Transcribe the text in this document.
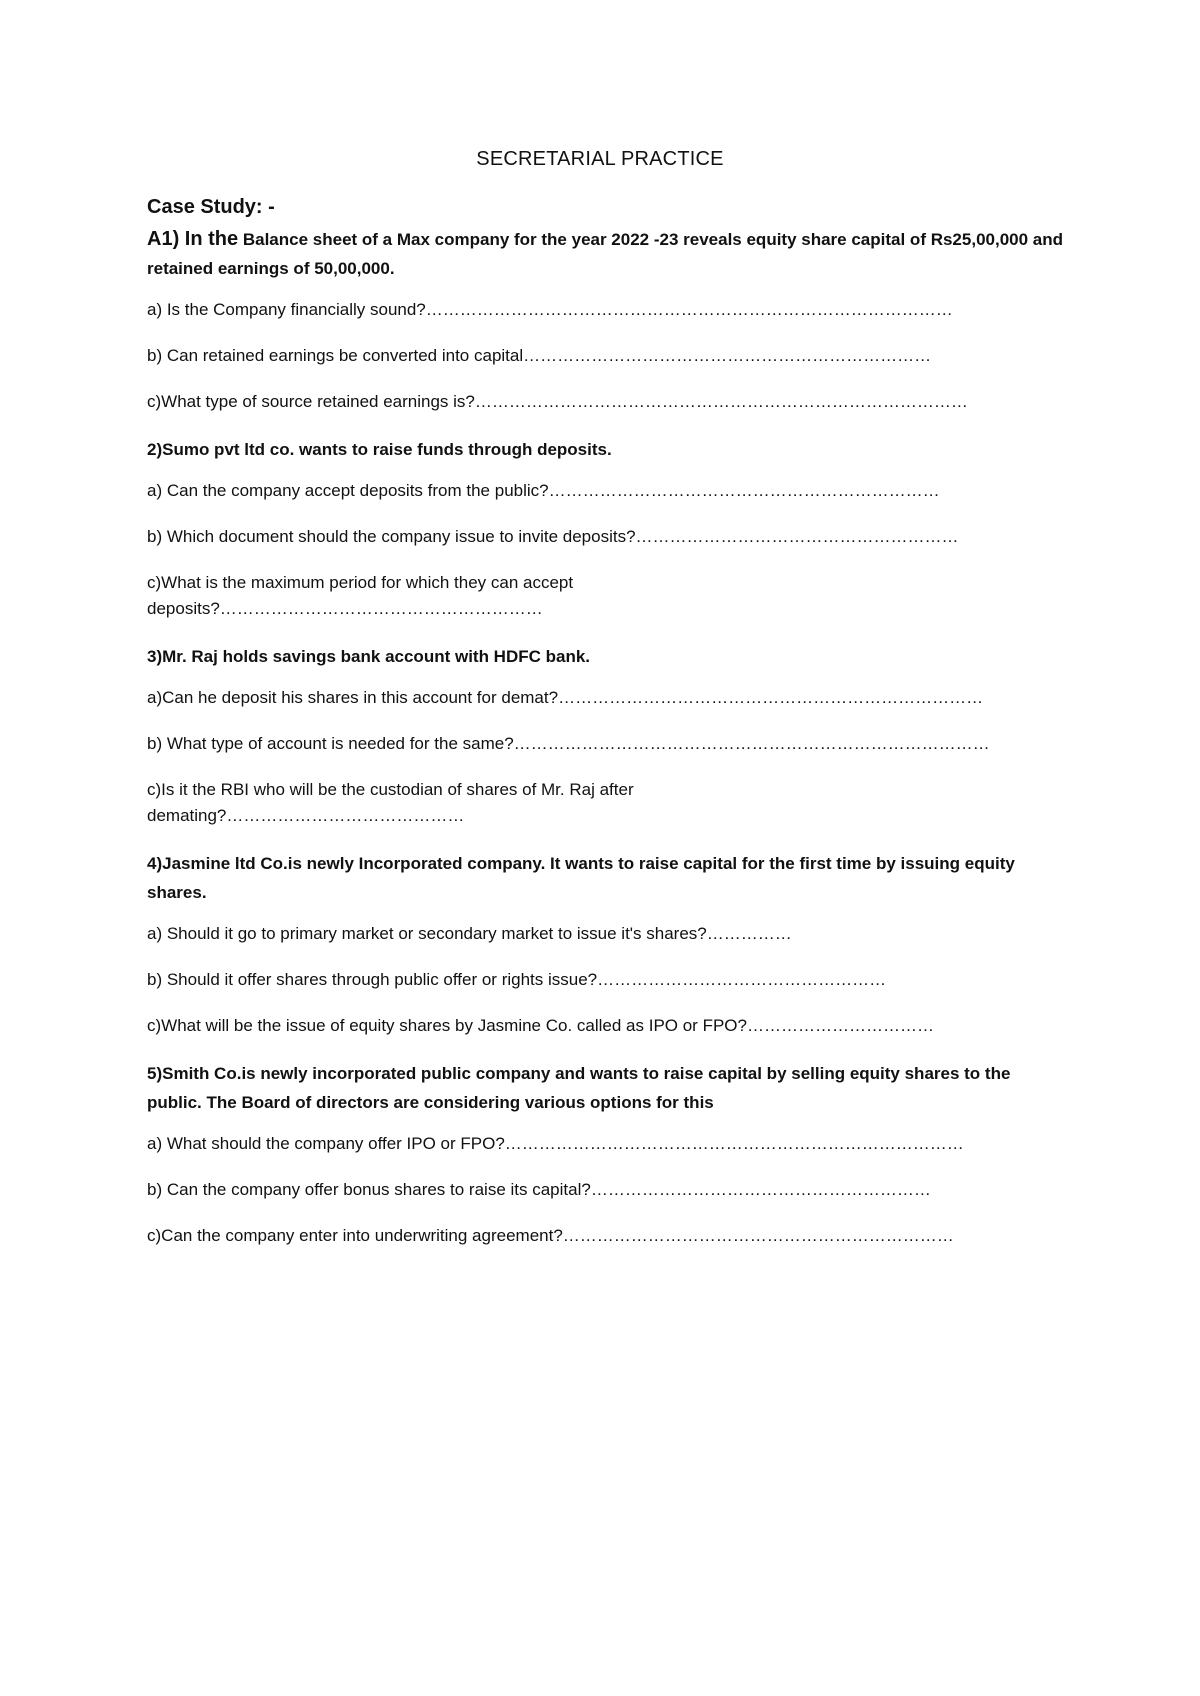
SECRETARIAL PRACTICE
Case Study: -
A1) In the Balance sheet of a Max company for the year 2022 -23 reveals equity share capital of Rs25,00,000 and retained earnings of 50,00,000.
a) Is the Company financially sound?…………………………………………………………………………………
b) Can retained earnings be converted into capital………………………………………………………………
c)What type of source retained earnings is?……………………………………………………………………………
2)Sumo pvt ltd co. wants to raise funds through deposits.
a) Can the company accept deposits from the public?……………………………………………………………
b) Which document should the company issue to invite deposits?…………………………………………………
c)What is the maximum period for which they can accept deposits?…………………………………………………
3)Mr. Raj holds savings bank account with HDFC bank.
a)Can he deposit his shares in this account for demat?…………………………………………………………………
b) What type of account is needed for the same?…………………………………………………………………………
c)Is it the RBI who will be the custodian of shares of Mr. Raj after demating?……………………………………
4)Jasmine ltd Co.is newly Incorporated company. It wants to raise capital for the first time by issuing equity shares.
a) Should it go to primary market or secondary market to issue it's shares?……………
b) Should it offer shares through public offer or rights issue?……………………………………………
c)What will be the issue of equity shares by Jasmine Co. called as IPO or FPO?……………………………
5)Smith Co.is newly incorporated public company and wants to raise capital by selling equity shares to the public. The Board of directors are considering various options for this
a) What should the company offer IPO or FPO?………………………………………………………………………
b) Can the company offer bonus shares to raise its capital?……………………………………………………
c)Can the company enter into underwriting agreement?……………………………………………………………
